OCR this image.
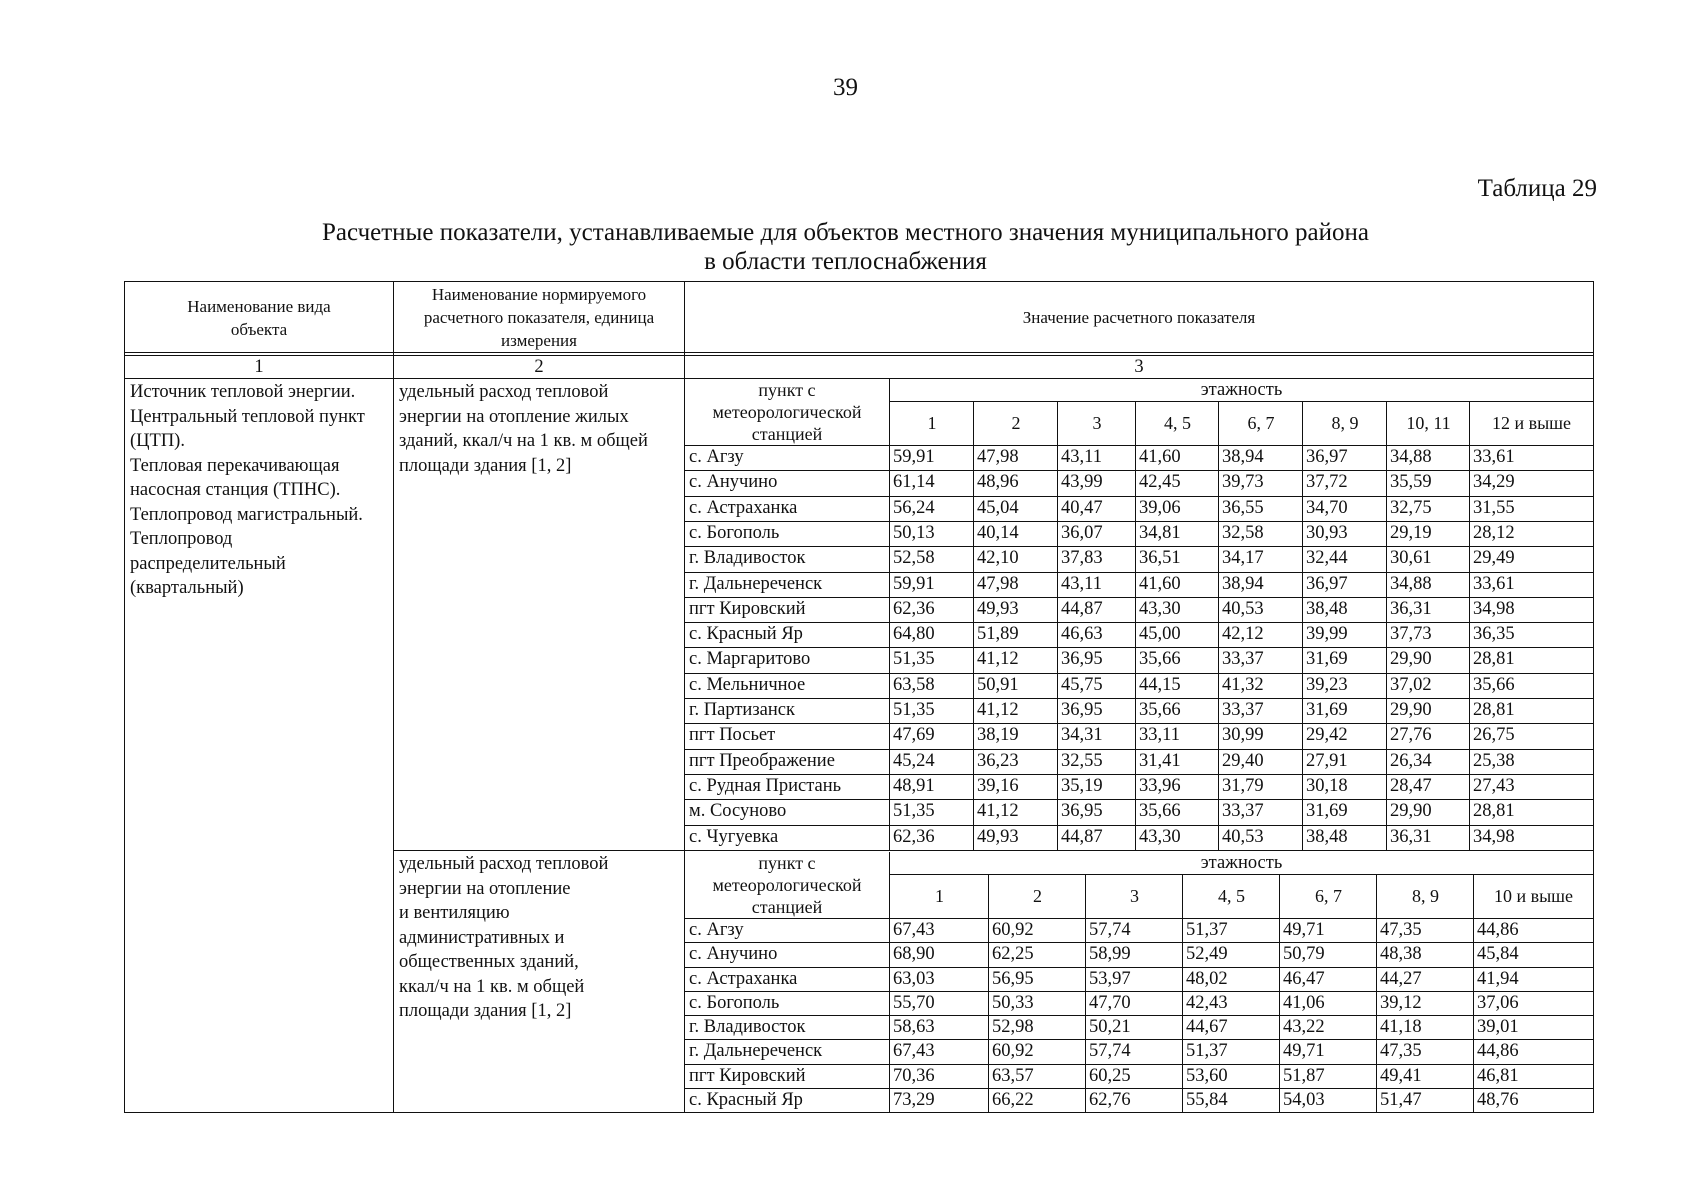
39
Таблица 29
Расчетные показатели, устанавливаемые для объектов местного значения муниципального района
в области теплоснабжения
Наименование вида объекта
Наименование нормируемого расчетного показателя, единица измерения
Значение расчетного показателя
1	2	3
Источник тепловой энергии.
Центральный тепловой пункт (ЦТП).
Тепловая перекачивающая насосная станция (ТПНС).
Теплопровод магистральный.
Теплопровод распределительный (квартальный)
удельный расход тепловой
энергии на отопление жилых
зданий, ккал/ч на 1 кв. м общей
площади здания [1, 2]
удельный расход тепловой
энергии на отопление
и вентиляцию
административных и
общественных зданий,
ккал/ч на 1 кв. м общей
площади здания [1, 2]
пункт с метеорологической станцией
этажность
1	2	3	4, 5	6, 7	8, 9	10, 11	12 и выше
с. Агзу	59,91	47,98	43,11	41,60	38,94	36,97	34,88	33,61
с. Анучино	61,14	48,96	43,99	42,45	39,73	37,72	35,59	34,29
с. Астраханка	56,24	45,04	40,47	39,06	36,55	34,70	32,75	31,55
с. Богополь	50,13	40,14	36,07	34,81	32,58	30,93	29,19	28,12
г. Владивосток	52,58	42,10	37,83	36,51	34,17	32,44	30,61	29,49
г. Дальнереченск	59,91	47,98	43,11	41,60	38,94	36,97	34,88	33,61
пгт Кировский	62,36	49,93	44,87	43,30	40,53	38,48	36,31	34,98
с. Красный Яр	64,80	51,89	46,63	45,00	42,12	39,99	37,73	36,35
с. Маргаритово	51,35	41,12	36,95	35,66	33,37	31,69	29,90	28,81
с. Мельничное	63,58	50,91	45,75	44,15	41,32	39,23	37,02	35,66
г. Партизанск	51,35	41,12	36,95	35,66	33,37	31,69	29,90	28,81
пгт Посьет	47,69	38,19	34,31	33,11	30,99	29,42	27,76	26,75
пгт Преображение	45,24	36,23	32,55	31,41	29,40	27,91	26,34	25,38
с. Рудная Пристань	48,91	39,16	35,19	33,96	31,79	30,18	28,47	27,43
м. Сосуново	51,35	41,12	36,95	35,66	33,37	31,69	29,90	28,81
с. Чугуевка	62,36	49,93	44,87	43,30	40,53	38,48	36,31	34,98
пункт с метеорологической станцией
этажность
1	2	3	4, 5	6, 7	8, 9	10 и выше
с. Агзу	67,43	60,92	57,74	51,37	49,71	47,35	44,86
с. Анучино	68,90	62,25	58,99	52,49	50,79	48,38	45,84
с. Астраханка	63,03	56,95	53,97	48,02	46,47	44,27	41,94
с. Богополь	55,70	50,33	47,70	42,43	41,06	39,12	37,06
г. Владивосток	58,63	52,98	50,21	44,67	43,22	41,18	39,01
г. Дальнереченск	67,43	60,92	57,74	51,37	49,71	47,35	44,86
пгт Кировский	70,36	63,57	60,25	53,60	51,87	49,41	46,81
с. Красный Яр	73,29	66,22	62,76	55,84	54,03	51,47	48,76
